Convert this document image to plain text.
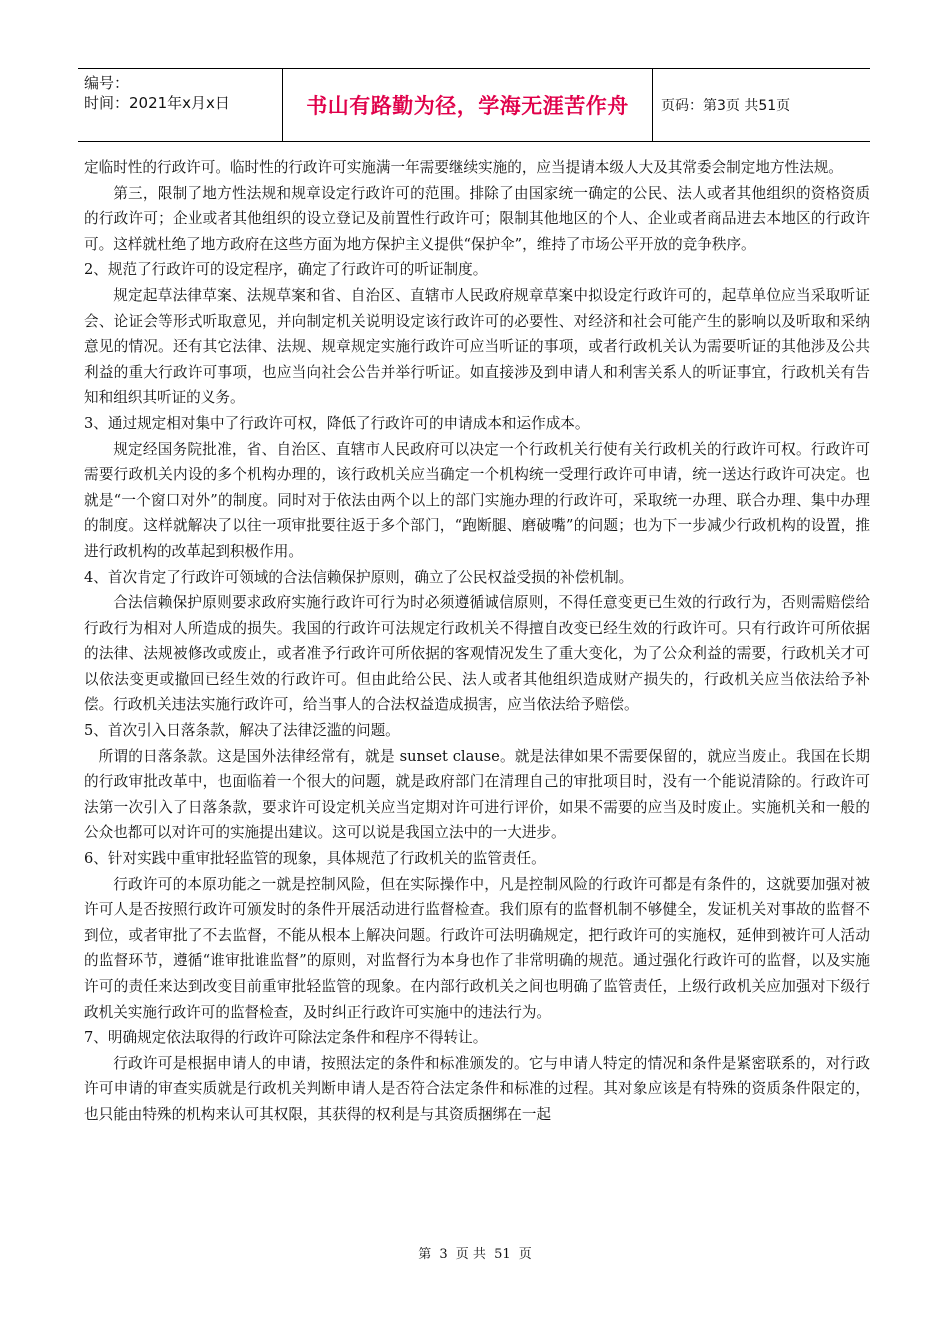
编号：
时间：2021年x月x日	书山有路勤为径，学海无涯苦作舟	页码：第3页 共51页

定临时性的行政许可。临时性的行政许可实施满一年需要继续实施的，应当提请本级人大及其常委会制定地方性法规。

第三，限制了地方性法规和规章设定行政许可的范围。排除了由国家统一确定的公民、法人或者其他组织的资格资质的行政许可；企业或者其他组织的设立登记及前置性行政许可；限制其他地区的个人、企业或者商品进去本地区的行政许可。这样就杜绝了地方政府在这些方面为地方保护主义提供“保护伞”，维持了市场公平开放的竞争秩序。

2、规范了行政许可的设定程序，确定了行政许可的听证制度。

规定起草法律草案、法规草案和省、自治区、直辖市人民政府规章草案中拟设定行政许可的，起草单位应当采取听证会、论证会等形式听取意见，并向制定机关说明设定该行政许可的必要性、对经济和社会可能产生的影响以及听取和采纳意见的情况。还有其它法律、法规、规章规定实施行政许可应当听证的事项，或者行政机关认为需要听证的其他涉及公共利益的重大行政许可事项，也应当向社会公告并举行听证。如直接涉及到申请人和利害关系人的听证事宜，行政机关有告知和组织其听证的义务。

3、通过规定相对集中了行政许可权，降低了行政许可的申请成本和运作成本。

规定经国务院批准，省、自治区、直辖市人民政府可以决定一个行政机关行使有关行政机关的行政许可权。行政许可需要行政机关内设的多个机构办理的，该行政机关应当确定一个机构统一受理行政许可申请，统一送达行政许可决定。也就是“一个窗口对外”的制度。同时对于依法由两个以上的部门实施办理的行政许可，采取统一办理、联合办理、集中办理的制度。这样就解决了以往一项审批要往返于多个部门，“跑断腿、磨破嘴”的问题；也为下一步减少行政机构的设置，推进行政机构的改革起到积极作用。

4、首次肯定了行政许可领域的合法信赖保护原则，确立了公民权益受损的补偿机制。

合法信赖保护原则要求政府实施行政许可行为时必须遵循诚信原则，不得任意变更已生效的行政行为，否则需赔偿给行政行为相对人所造成的损失。我国的行政许可法规定行政机关不得擅自改变已经生效的行政许可。只有行政许可所依据的法律、法规被修改或废止，或者准予行政许可所依据的客观情况发生了重大变化，为了公众利益的需要，行政机关才可以依法变更或撤回已经生效的行政许可。但由此给公民、法人或者其他组织造成财产损失的，行政机关应当依法给予补偿。行政机关违法实施行政许可，给当事人的合法权益造成损害，应当依法给予赔偿。

5、首次引入日落条款，解决了法律泛滥的问题。

所谓的日落条款。这是国外法律经常有，就是 sunset clause。就是法律如果不需要保留的，就应当废止。我国在长期的行政审批改革中，也面临着一个很大的问题，就是政府部门在清理自己的审批项目时，没有一个能说清除的。行政许可法第一次引入了日落条款，要求许可设定机关应当定期对许可进行评价，如果不需要的应当及时废止。实施机关和一般的公众也都可以对许可的实施提出建议。这可以说是我国立法中的一大进步。

6、针对实践中重审批轻监管的现象，具体规范了行政机关的监管责任。

行政许可的本原功能之一就是控制风险，但在实际操作中，凡是控制风险的行政许可都是有条件的，这就要加强对被许可人是否按照行政许可颁发时的条件开展活动进行监督检查。我们原有的监督机制不够健全，发证机关对事故的监督不到位，或者审批了不去监督，不能从根本上解决问题。行政许可法明确规定，把行政许可的实施权，延伸到被许可人活动的监督环节，遵循“谁审批谁监督”的原则，对监督行为本身也作了非常明确的规范。通过强化行政许可的监督，以及实施许可的责任来达到改变目前重审批轻监管的现象。在内部行政机关之间也明确了监管责任，上级行政机关应加强对下级行政机关实施行政许可的监督检查，及时纠正行政许可实施中的违法行为。

7、明确规定依法取得的行政许可除法定条件和程序不得转让。

行政许可是根据申请人的申请，按照法定的条件和标准颁发的。它与申请人特定的情况和条件是紧密联系的，对行政许可申请的审查实质就是行政机关判断申请人是否符合法定条件和标准的过程。其对象应该是有特殊的资质条件限定的，也只能由特殊的机构来认可其权限，其获得的权利是与其资质捆绑在一起

第 3 页 共 51 页
